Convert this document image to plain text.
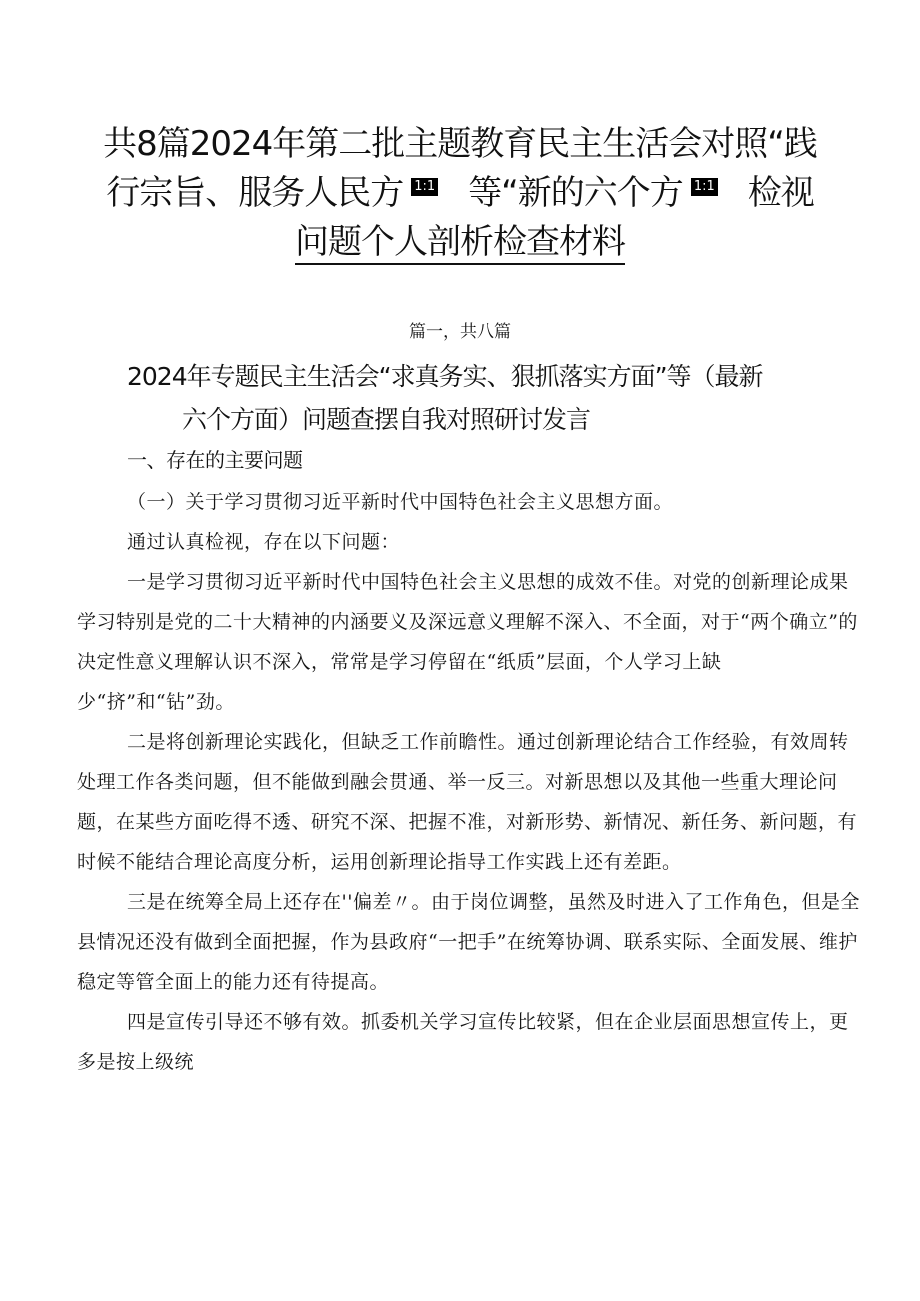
共8篇2024年第二批主题教育民主生活会对照“践
行宗旨、服务人民方 1:1 等“新的六个方 1:1 检视
问题个人剖析检查材料
篇一，共八篇
2024年专题民主生活会“求真务实、狠抓落实方面”等（最新
六个方面）问题查摆自我对照研讨发言
一、存在的主要问题

（一）关于学习贯彻习近平新时代中国特色社会主义思想方面。

通过认真检视，存在以下问题：

一是学习贯彻习近平新时代中国特色社会主义思想的成效不佳。对党的创新理论成果学习特别是党的二十大精神的内涵要义及深远意义理解不深入、不全面，对于“两个确立”的决定性意义理解认识不深入，常常是学习停留在“纸质”层面，个人学习上缺少“挤”和“钻”劲。

二是将创新理论实践化，但缺乏工作前瞻性。通过创新理论结合工作经验，有效周转处理工作各类问题，但不能做到融会贯通、举一反三。对新思想以及其他一些重大理论问题，在某些方面吃得不透、研究不深、把握不准，对新形势、新情况、新任务、新问题，有时候不能结合理论高度分析，运用创新理论指导工作实践上还有差距。

三是在统筹全局上还存在''偏差〃。由于岗位调整，虽然及时进入了工作角色，但是全县情况还没有做到全面把握，作为县政府“一把手”在统筹协调、联系实际、全面发展、维护稳定等管全面上的能力还有待提高。

四是宣传引导还不够有效。抓委机关学习宣传比较紧，但在企业层面思想宣传上，更多是按上级统
